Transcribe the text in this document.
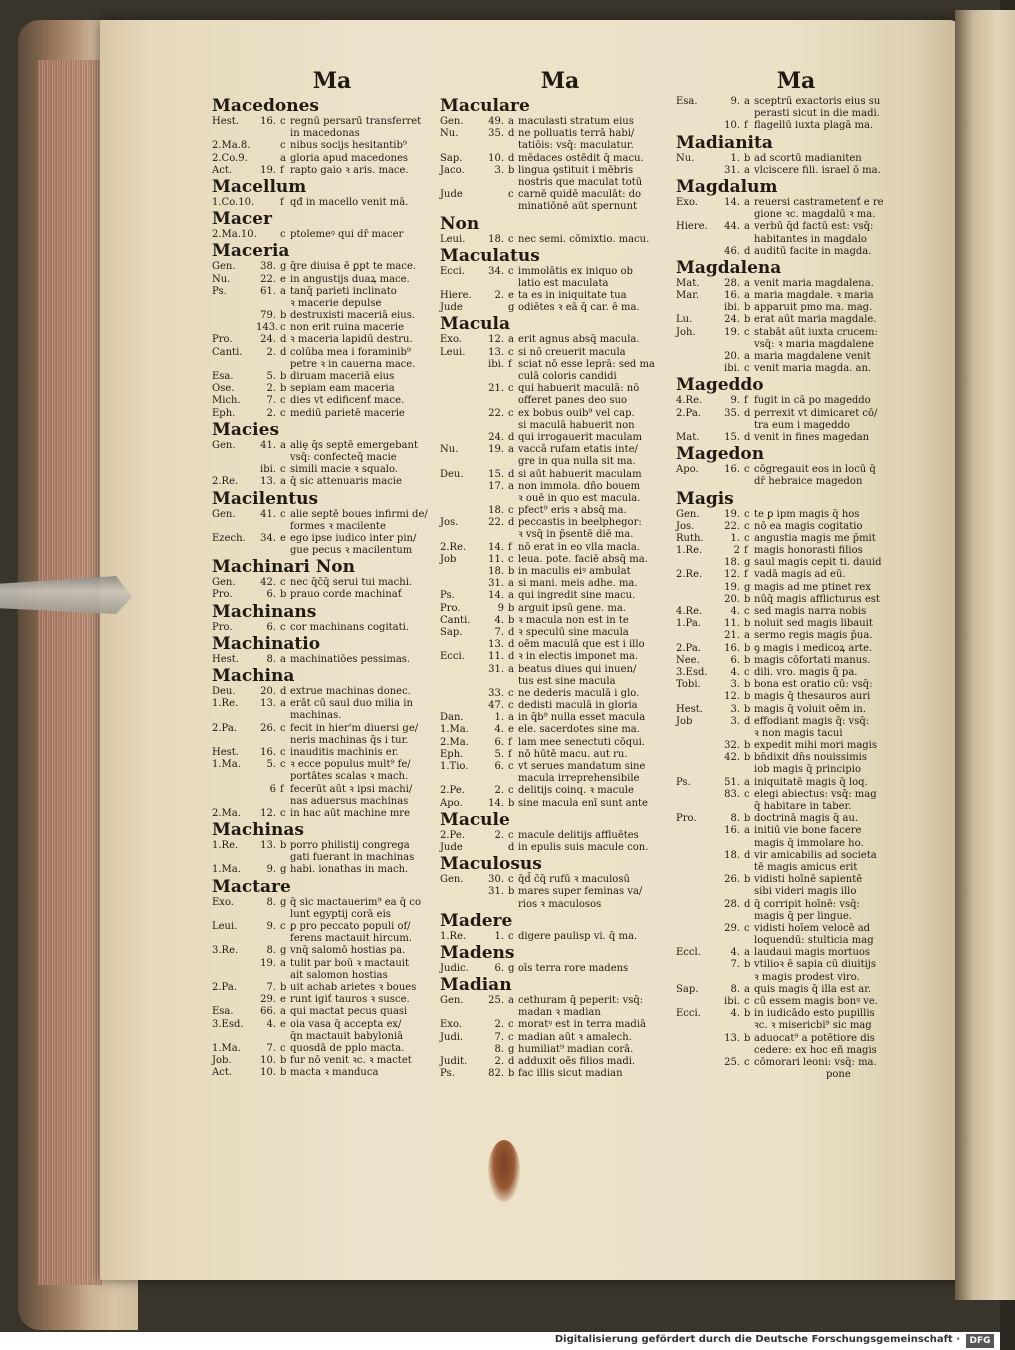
Ma
Macedones
Hest.	16. c regnū persarū transferret
in macedonas
2.Ma.8.	c nibus socijs hesitantib⁹
2.Co.9.	a gloria apud macedones
Act.	19. f rapto gaio ꝛ aris. mace.
Macellum
1.Co.10.	f qđ in macello venit mā.
Macer
2.Ma.10. c ptolemeꝰ qui dr̄ macer
Maceria
Gen.	38. g q̄re diuisa ē ꝑpt te mace.
Nu.	22. e in angustijs duaꝝ mace.
Ps.	61. a tanq̄ parieti inclinato
ꝛ macerie depulse
79. b destruxisti maceriā eius.
143. c non erit ruina macerie
Pro.	24. d ꝛ maceria lapidū destru.
Canti.	2. d colūba mea i foraminib⁹
petre ꝛ in cauerna mace.
Esa.	5. b diruam maceriā eius
Ose.	2. b sepiam eam maceria
Mich.	7. c dies vt edificenť mace.
Eph.	2. c mediū parietē macerie
Macies
Gen.	41. a aliȩ q̄s septē emergebant
vsq̄: confecteq̄ macie
ibi. c simili macie ꝛ squalo.
2.Re.	13. a q̄ sic attenuaris macie
Macilentus
Gen.	41. c alie septē boues infirmi de/
formes ꝛ macilente
Ezech.	34. e ego ipse iudico inter pin/
gue pecus ꝛ macilentum
Machinari Non
Gen.	42. c nec q̄c̄q̄ serui tui machi.
Pro.	6. b prauo corde machinať
Machinans
Pro.	6. c cor machinans cogitati.
Machinatio
Hest.	8. a machinatiōes pessimas.
Machina
Deu.	20. d extrue machinas donec.
1.Re.	13. a erāt cū saul duo milia in
machinas.
2.Pa.	26. c fecit in hier'm diuersi ge/
neris machinas q̄s i tur.
Hest.	16. c inauditis machinis er.
1.Ma.	5. c ꝛ ecce populus mult⁹ fe/
portātes scalas ꝛ mach.
6 f fecerūt aūt ꝛ ipsi machi/
nas aduersus machinas
2.Ma.	12. c in hac aūt machine mre
Machinas
1.Re.	13. b porro philistij congrega
gati fuerant in machinas
1.Ma.	9. g habi. ionathas in mach.
Mactare
Exo.	8. g q̄ sic mactauerim⁹ ea q̄ co
lunt egyptij corā eis
Leui.	9. c ꝑ pro peccato populi of/
ferens mactauit hircum.
3.Re.	8. g vnq̄ salomō hostias pa.
19. a tulit par boū ꝛ mactauit
ait salomon hostias
2.Pa.	7. b uit achab arietes ꝛ boues
29. e runt igiť tauros ꝛ susce.
Esa.	66. a qui mactat pecus quasi
3.Esd.	4. e oia vasa q̄ accepta ex/
q̄n mactauit babyloniā
1.Ma.	7. c quosdā de pplo macta.
Job.	10. b fur nō venit ꝛc. ꝛ mactet
Act.	10. b macta ꝛ manduca
Ma
Maculare
Gen.	49. a maculasti stratum eius
Nu.	35. d ne polluatis terrā habi/
tatiōis: vsq̄: maculatur.
Sap.	10. d mēdaces ostēdit q̄ macu.
Jaco.	3. b lingua ꝯstituit i mēbris
nostris que maculat totū
Jude	c carnē quidē maculāt: do
minatiōnē aūt spernunt
Non
Leui.	18. c nec semi. cōmixtio. macu.
Maculatus
Ecci.	34. c immolātis ex iniquo ob
latio est maculata
Hiere.	2. e ta es in iniquitate tua
Jude	g odiētes ꝛ eā q̄ car. ē ma.
Macula
Exo.	12. a erit agnus absq̄ macula.
Leui.	13. c si nō creuerit macula
ibi. f sciat nō esse leprā: sed ma
culā coloris candidi
21. c qui habuerit maculā: nō
offeret panes deo suo
22. c ex bobus ouib⁹ vel cap.
si maculā habuerit non
24. d qui irrogauerit maculam
Nu.	19. a vaccā rufam etatis inte/
gre in qua nulla sit ma.
Deu.	15. d si aūt habuerit maculam
17. a non immola. dño bouem
ꝛ ouē in quo est macula.
18. c pfect⁹ eris ꝛ absq̄ ma.
Jos.	22. d peccastis in beelphegor:
ꝛ vsq̄ in p̄sentē diē ma.
2.Re.	14. f nō erat in eo vlla macla.
Job	11. c leua. pote. faciē absq̄ ma.
18. b in maculis eiꝰ ambulat
31. a si mani. meis adhe. ma.
Ps.	14. a qui ingredit sine macu.
Pro.	9 b arguit ipsū gene. ma.
Canti.	4. b ꝛ macula non est in te
Sap.	7. d ꝛ speculū sine macula
13. d oēm maculā que est i illo
Ecci.	11. d ꝛ in electis imponet ma.
31. a beatus diues qui inuen/
tus est sine macula
33. c ne dederis maculā i glo.
47. c dedisti maculā in gloria
Dan.	1. a in q̄b⁹ nulla esset macula
1.Ma.	4. e ele. sacerdotes sine ma.
2.Ma.	6. f lam mee senectuti cōqui.
Eph.	5. f nō hūtē macu. aut ru.
1.Tio.	6. c vt serues mandatum sine
macula irreprehensibile
2.Pe.	2. c delitijs coinq. ꝛ macule
Apo.	14. b sine macula enī sunt ante
Macule
2.Pe.	2. c macule delitijs affluētes
Jude	d in epulis suis macule con.
Maculosus
Gen.	30. c q̄d̄ c̄q̄ rufū ꝛ maculosū
31. b mares super feminas va/
rios ꝛ maculosos
Madere
1.Re.	1. c digere paulisp vi. q̄ ma.
Madens
Judic.	6. g oīs terra rore madens
Madian
Gen.	25. a cethuram q̄ peperit: vsq̄:
madan ꝛ madian
Exo.	2. c moratꝰ est in terra madiā
Judi.	7. c madian aūt ꝛ amalech.
8. g humiliat⁹ madian corā.
Judit.	2. d adduxit oēs filios madi.
Ps.	82. b fac illis sicut madian
Ma
Esa.	9. a sceptrū exactoris eius su
perasti sicut in die madi.
10. f flagellū iuxta plagā ma.
Madianita
Nu.	1. b ad scortū madianiten
31. a vlciscere fili. israel ō ma.
Magdalum
Exo.	14. a reuersi castrametenť e re
gione ꝛc. magdalū ꝛ ma.
Hiere.	44. a verbū q̄d factū est: vsq̄:
habitantes in magdalo
46. d auditū facite in magda.
Magdalena
Mat.	28. a venit maria magdalena.
Mar.	16. a maria magdale. ꝛ maria
ibi. b apparuit pmo ma. mag.
Lu.	24. b erat aūt maria magdale.
Joh.	19. c stabāt aūt iuxta crucem:
vsq̄: ꝛ maria magdalene
20. a maria magdalene venit
ibi. c venit maria magda. an.
Mageddo
4.Re.	9. f fugit in cā po mageddo
2.Pa.	35. d perrexit vt dimicaret cō/
tra eum i mageddo
Mat.	15. d venit in fines magedan
Magedon
Apo.	16. c cōgregauit eos in locū q̄
dr̄ hebraice magedon
Magis
Gen.	19. c te ꝑ ipm magis q̄ hos
Jos.	22. c nō ea magis cogitatio
Ruth.	1. c angustia magis me p̄mit
1.Re.	2 f magis honorasti filios
18. g saul magis cepit ti. dauid
2.Re.	12. f vadā magis ad eū.
19. g magis ad me ptinet rex
20. b nūq̄ magis afflicturus est
4.Re.	4. c sed magis narra nobis
1.Pa.	11. b noluit sed magis libauit
21. a sermo regis magis p̄ua.
2.Pa.	16. b ꝯ magis i medicoꝝ arte.
Nee.	6. b magis cōfortati manus.
3.Esd.	4. c dili. vro. magis q̄ pa.
Tobi.	3. b bona est oratio cū: vsq̄:
12. b magis q̄ thesauros auri
Hest.	3. b magis q̄ voluit oēm in.
Job	3. d effodiant magis q̄: vsq̄:
ꝛ non magis tacui
32. b expedit mihi mori magis
42. b bn̄dixit dn̄s nouissimis
iob magis q̄ principio
Ps.	51. a iniquitatē magis q̄ loq.
83. c elegi abiectus: vsq̄: mag
q̄ habitare in taber.
Pro.	8. b doctrinā magis q̄ au.
16. a initiū vie bone facere
magis q̄ immolare ho.
18. d vir amicabilis ad societa
tē magis amicus erit
26. b vidisti hoīnē sapientē
sibi videri magis illo
28. d q̄ corripit hoīnē: vsq̄:
magis q̄ per lingue.
29. c vidisti hoīem velocē ad
loquendū: stulticia mag
Eccl.	4. a laudaui magis mortuos
7. b vtilioꝛ ē sapia cū diuitijs
ꝛ magis prodest viro.
Sap.	8. a quis magis q̄ illa est ar.
ibi. c cū essem magis bonꝰ ve.
Ecci.	4. b in iudicādo esto pupillis
ꝛc. ꝛ misericbi⁹ sic mag
13. b aduocat⁹ a potētiore dis
cedere: ex hoc eñ magis
25. c cōmorari leoni: vsq̄: ma.
pone
Digitalisierung gefördert durch die Deutsche Forschungsgemeinschaft ·	DFG
